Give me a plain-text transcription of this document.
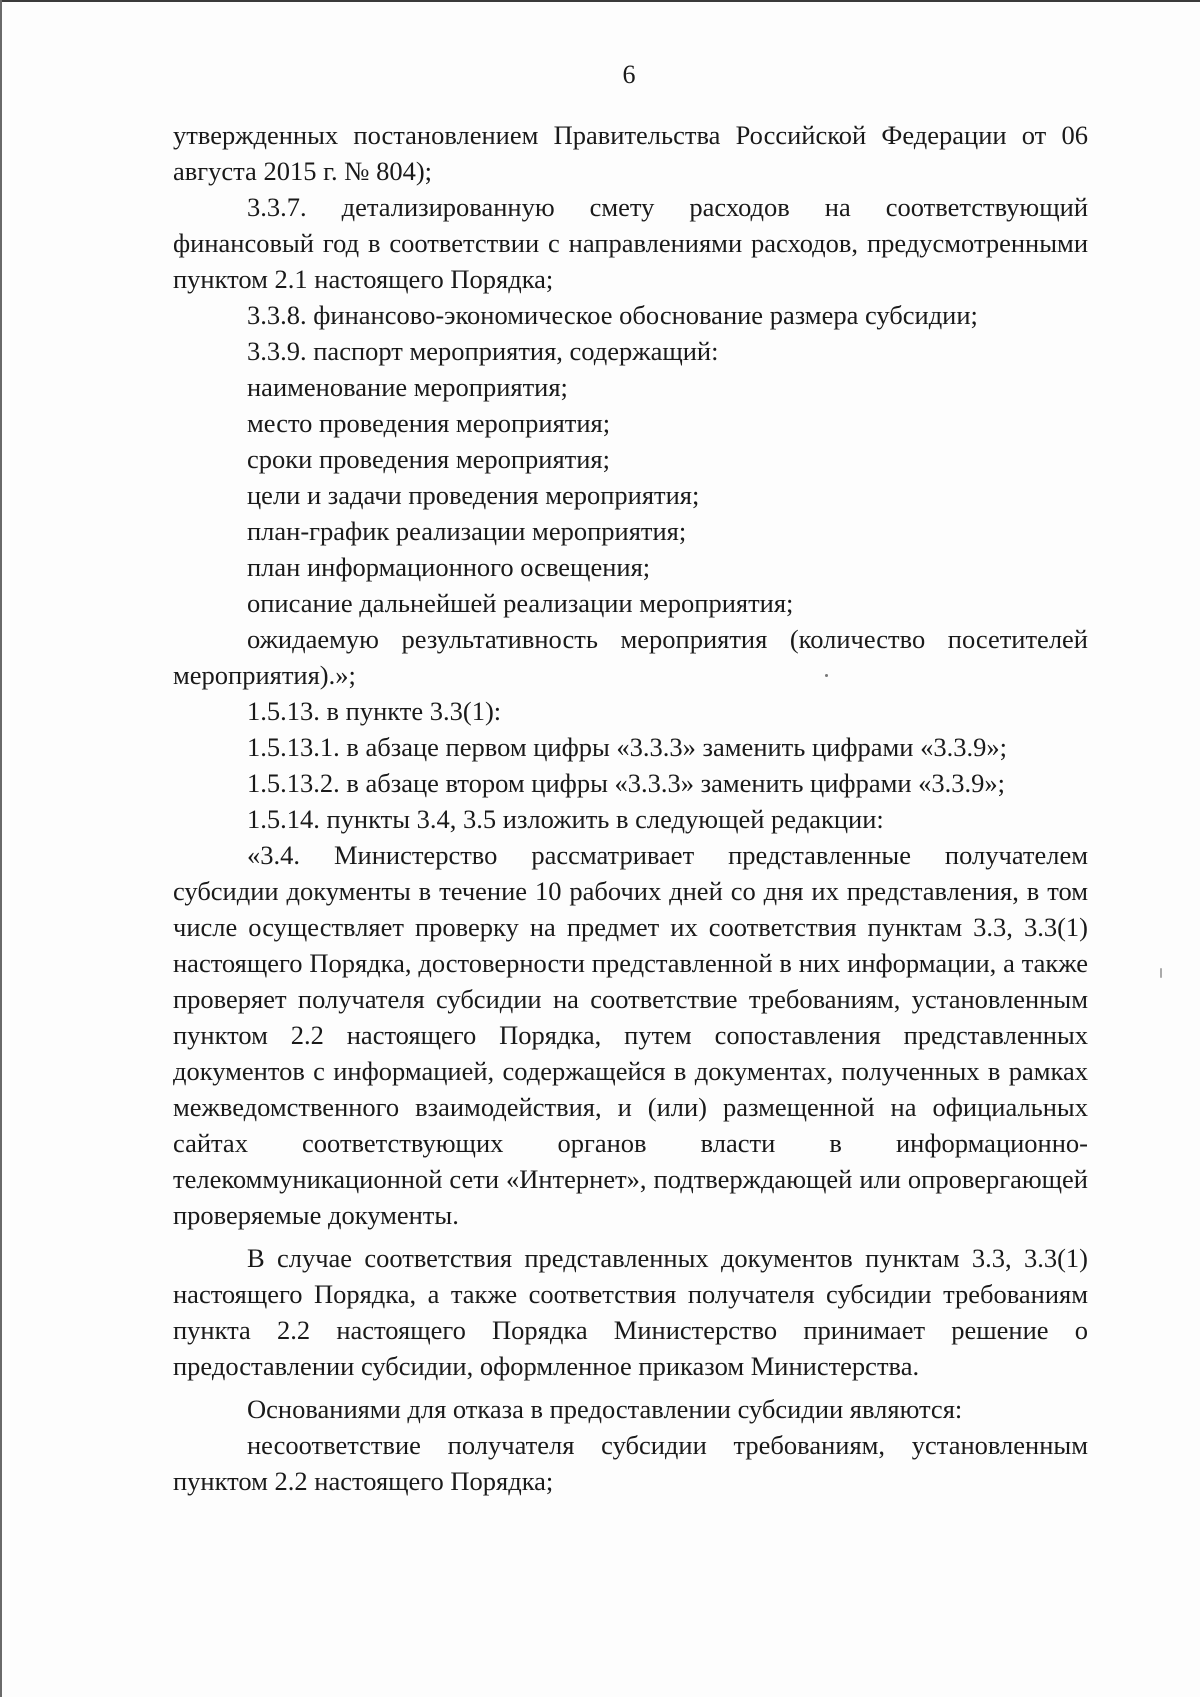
6

утвержденных постановлением Правительства Российской Федерации от 06 августа 2015 г. № 804);

3.3.7. детализированную смету расходов на соответствующий финансовый год в соответствии с направлениями расходов, предусмотренными пунктом 2.1 настоящего Порядка;

3.3.8. финансово-экономическое обоснование размера субсидии;

3.3.9. паспорт мероприятия, содержащий:

наименование мероприятия;

место проведения мероприятия;

сроки проведения мероприятия;

цели и задачи проведения мероприятия;

план-график реализации мероприятия;

план информационного освещения;

описание дальнейшей реализации мероприятия;

ожидаемую результативность мероприятия (количество посетителей мероприятия).»;

1.5.13. в пункте 3.3(1):

1.5.13.1. в абзаце первом цифры «3.3.3» заменить цифрами «3.3.9»;

1.5.13.2. в абзаце втором цифры «3.3.3» заменить цифрами «3.3.9»;

1.5.14. пункты 3.4, 3.5 изложить в следующей редакции:

«3.4. Министерство рассматривает представленные получателем субсидии документы в течение 10 рабочих дней со дня их представления, в том числе осуществляет проверку на предмет их соответствия пунктам 3.3, 3.3(1) настоящего Порядка, достоверности представленной в них информации, а также проверяет получателя субсидии на соответствие требованиям, установленным пунктом 2.2 настоящего Порядка, путем сопоставления представленных документов с информацией, содержащейся в документах, полученных в рамках межведомственного взаимодействия, и (или) размещенной на официальных сайтах соответствующих органов власти в информационно-телекоммуникационной сети «Интернет», подтверждающей или опровергающей проверяемые документы.

В случае соответствия представленных документов пунктам 3.3, 3.3(1) настоящего Порядка, а также соответствия получателя субсидии требованиям пункта 2.2 настоящего Порядка Министерство принимает решение о предоставлении субсидии, оформленное приказом Министерства.

Основаниями для отказа в предоставлении субсидии являются:

несоответствие получателя субсидии требованиям, установленным пунктом 2.2 настоящего Порядка;
